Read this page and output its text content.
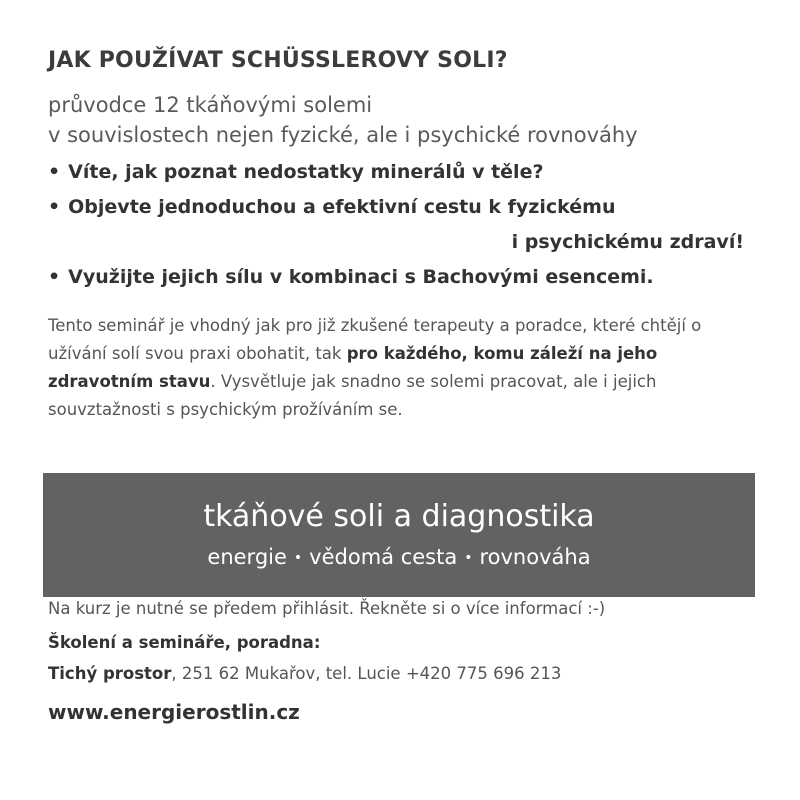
JAK POUŽÍVAT SCHÜSSLEROVY SOLI?
průvodce 12 tkáňovými solemi
v souvislostech nejen fyzické, ale i psychické rovnováhy
• Víte, jak poznat nedostatky minerálů v těle?
• Objevte jednoduchou a efektivní cestu k fyzickému
i psychickému zdraví!
• Využijte jejich sílu v kombinaci s Bachovými esencemi.
Tento seminář je vhodný jak pro již zkušené terapeuty a poradce, které chtějí o užívání solí svou praxi obohatit, tak pro každého, komu záleží na jeho zdravotním stavu. Vysvětluje jak snadno se solemi pracovat, ale i jejich souvztažnosti s psychickým prožíváním se.
tkáňové soli a diagnostika
energie • vědomá cesta • rovnováha
Na kurz je nutné se předem přihlásit. Řekněte si o více informací :-)
Školení a semináře, poradna:
Tichý prostor, 251 62 Mukařov, tel. Lucie +420 775 696 213
www.energierostlin.cz
